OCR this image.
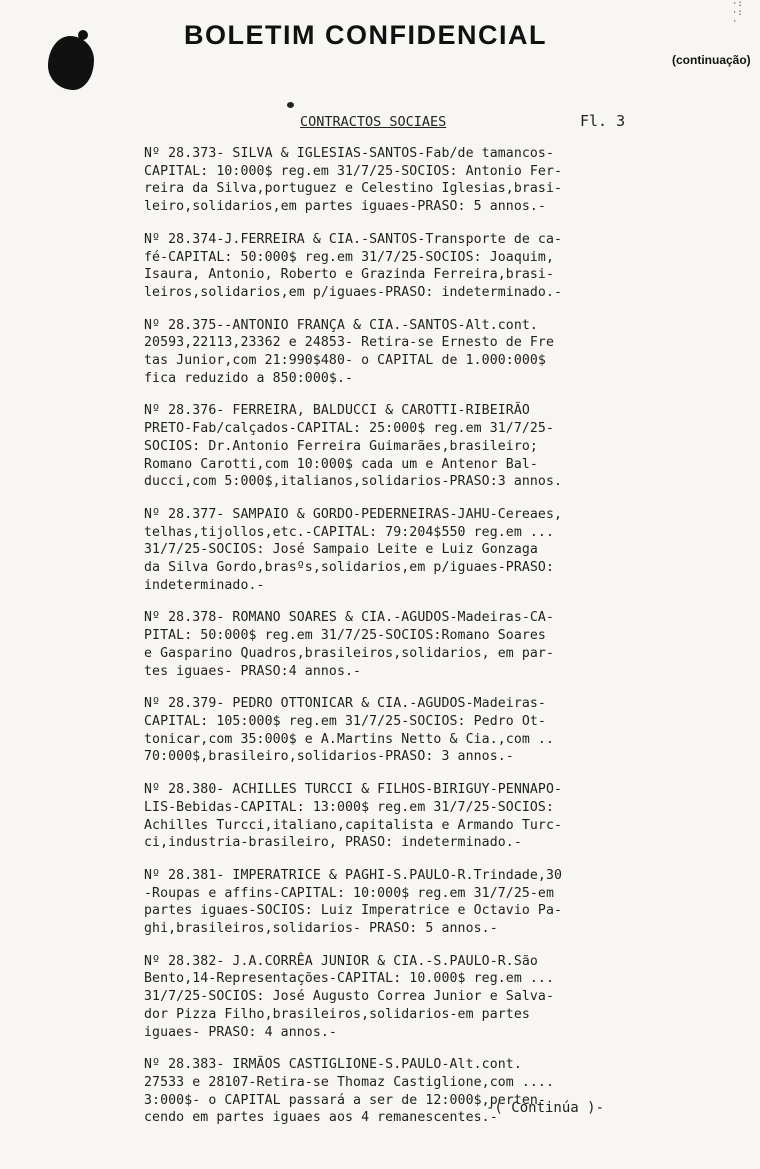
·:
·:
·
BOLETIM CONFIDENCIAL
(continuação)
CONTRACTOS SOCIAES	Fl. 3
Nº 28.373- SILVA & IGLESIAS-SANTOS-Fab/de tamancos-
CAPITAL: 10:000$ reg.em 31/7/25-SOCIOS: Antonio Fer-
reira da Silva,portuguez e Celestino Iglesias,brasi-
leiro,solidarios,em partes iguaes-PRASO: 5 annos.-
Nº 28.374-J.FERREIRA & CIA.-SANTOS-Transporte de ca-
fé-CAPITAL: 50:000$ reg.em 31/7/25-SOCIOS: Joaquim,
Isaura, Antonio, Roberto e Grazinda Ferreira,brasi-
leiros,solidarios,em p/iguaes-PRASO: indeterminado.-
Nº 28.375--ANTONIO FRANÇA & CIA.-SANTOS-Alt.cont.
20593,22113,23362 e 24853- Retira-se Ernesto de Fre
tas Junior,com 21:990$480- o CAPITAL de 1.000:000$
fica reduzido a 850:000$.-
Nº 28.376- FERREIRA, BALDUCCI & CAROTTI-RIBEIRÃO
PRETO-Fab/calçados-CAPITAL: 25:000$ reg.em 31/7/25-
SOCIOS: Dr.Antonio Ferreira Guimarães,brasileiro;
Romano Carotti,com 10:000$ cada um e Antenor Bal-
ducci,com 5:000$,italianos,solidarios-PRASO:3 annos.
Nº 28.377- SAMPAIO & GORDO-PEDERNEIRAS-JAHU-Cereaes,
telhas,tijollos,etc.-CAPITAL: 79:204$550 reg.em ...
31/7/25-SOCIOS: José Sampaio Leite e Luiz Gonzaga
da Silva Gordo,brasºs,solidarios,em p/iguaes-PRASO:
indeterminado.-
Nº 28.378- ROMANO SOARES & CIA.-AGUDOS-Madeiras-CA-
PITAL: 50:000$ reg.em 31/7/25-SOCIOS:Romano Soares
e Gasparino Quadros,brasileiros,solidarios, em par-
tes iguaes- PRASO:4 annos.-
Nº 28.379- PEDRO OTTONICAR & CIA.-AGUDOS-Madeiras-
CAPITAL: 105:000$ reg.em 31/7/25-SOCIOS: Pedro Ot-
tonicar,com 35:000$ e A.Martins Netto & Cia.,com ..
70:000$,brasileiro,solidarios-PRASO: 3 annos.-
Nº 28.380- ACHILLES TURCCI & FILHOS-BIRIGUY-PENNAPO-
LIS-Bebidas-CAPITAL: 13:000$ reg.em 31/7/25-SOCIOS:
Achilles Turcci,italiano,capitalista e Armando Turc-
ci,industria-brasileiro, PRASO: indeterminado.-
Nº 28.381- IMPERATRICE & PAGHI-S.PAULO-R.Trindade,30
-Roupas e affins-CAPITAL: 10:000$ reg.em 31/7/25-em
partes iguaes-SOCIOS: Luiz Imperatrice e Octavio Pa-
ghi,brasileiros,solidarios- PRASO: 5 annos.-
Nº 28.382- J.A.CORRÊA JUNIOR & CIA.-S.PAULO-R.São
Bento,14-Representações-CAPITAL: 10.000$ reg.em ...
31/7/25-SOCIOS: José Augusto Correa Junior e Salva-
dor Pizza Filho,brasileiros,solidarios-em partes
iguaes- PRASO: 4 annos.-
Nº 28.383- IRMÃOS CASTIGLIONE-S.PAULO-Alt.cont.
27533 e 28107-Retira-se Thomaz Castiglione,com ....
3:000$- o CAPITAL passará a ser de 12:000$,perten-
cendo em partes iguaes aos 4 remanescentes.-
-( Continúa )-
